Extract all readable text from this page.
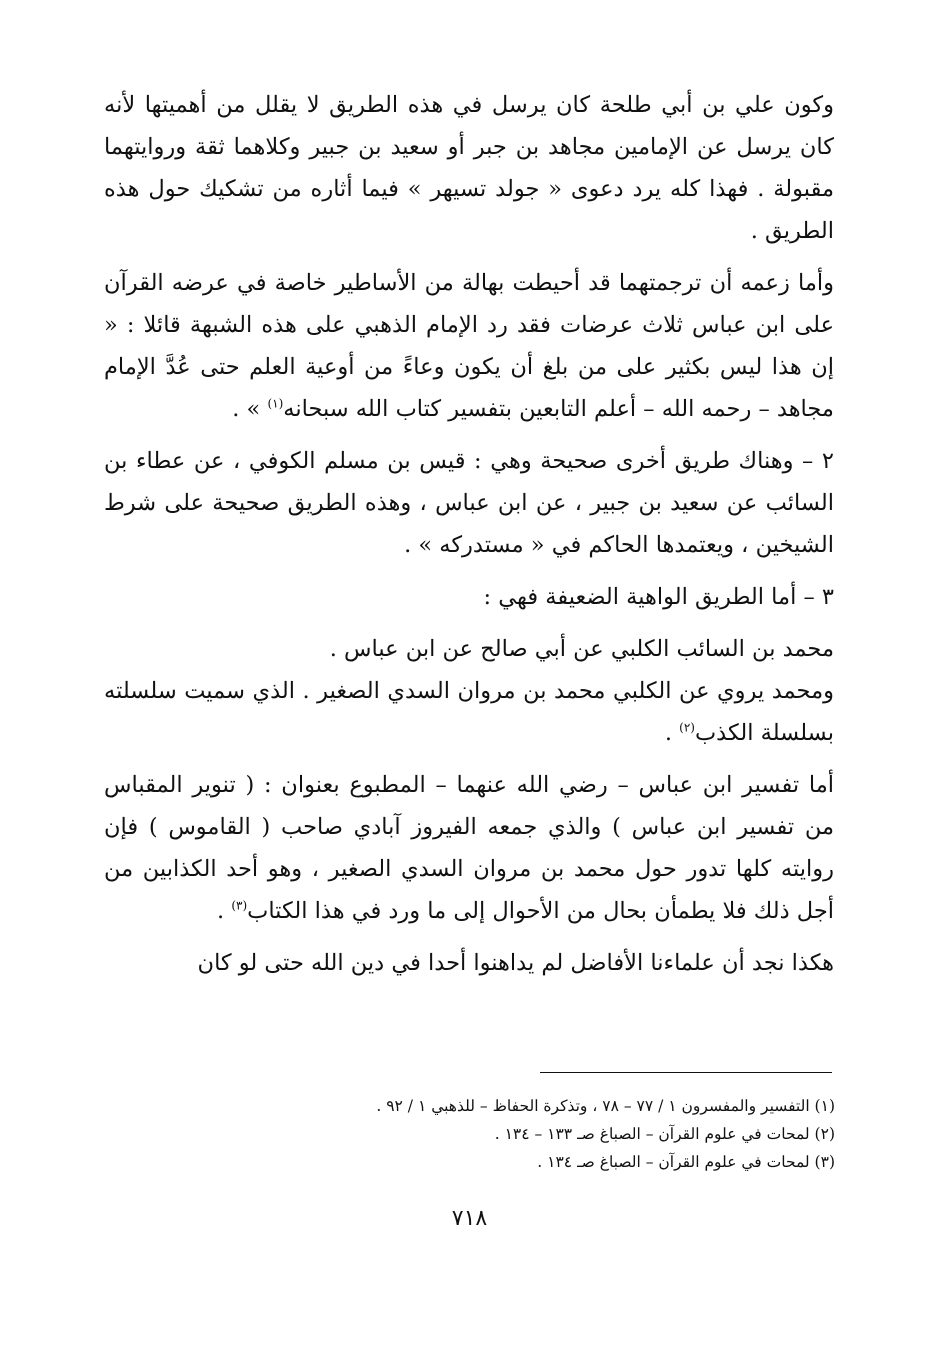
وكون علي بن أبي طلحة كان يرسل في هذه الطريق لا يقلل من أهميتها لأنه كان يرسل عن الإمامين مجاهد بن جبر أو سعيد بن جبير وكلاهما ثقة وروايتهما مقبولة . فهذا كله يرد دعوى « جولد تسيهر » فيما أثاره من تشكيك حول هذه الطريق .

وأما زعمه أن ترجمتهما قد أحيطت بهالة من الأساطير خاصة في عرضه القرآن على ابن عباس ثلاث عرضات فقد رد الإمام الذهبي على هذه الشبهة قائلا : « إن هذا ليس بكثير على من بلغ أن يكون وعاءً من أوعية العلم حتى عُدَّ الإمام مجاهد – رحمه الله – أعلم التابعين بتفسير كتاب الله سبحانه$^{(١)}$ » .

٢ – وهناك طريق أخرى صحيحة وهي : قيس بن مسلم الكوفي ، عن عطاء بن السائب عن سعيد بن جبير ، عن ابن عباس ، وهذه الطريق صحيحة على شرط الشيخين ، ويعتمدها الحاكم في « مستدركه » .

٣ – أما الطريق الواهية الضعيفة فهي :

محمد بن السائب الكلبي عن أبي صالح عن ابن عباس .

ومحمد يروي عن الكلبي محمد بن مروان السدي الصغير . الذي سميت سلسلته بسلسلة الكذب$^{(٢)}$ .

أما تفسير ابن عباس – رضي الله عنهما – المطبوع بعنوان : ( تنوير المقباس من تفسير ابن عباس ) والذي جمعه الفيروز آبادي صاحب ( القاموس ) فإن روايته كلها تدور حول محمد بن مروان السدي الصغير ، وهو أحد الكذابين من أجل ذلك فلا يطمأن بحال من الأحوال إلى ما ورد في هذا الكتاب$^{(٣)}$ .

هكذا نجد أن علماءنا الأفاضل لم يداهنوا أحدا في دين الله حتى لو كان

(١) التفسير والمفسرون ١ / ٧٧ – ٧٨ ، وتذكرة الحفاظ – للذهبي ١ / ٩٢ .
(٢) لمحات في علوم القرآن – الصباغ صـ ١٣٣ – ١٣٤ .
(٣) لمحات في علوم القرآن – الصباغ صـ ١٣٤ .
٧١٨
